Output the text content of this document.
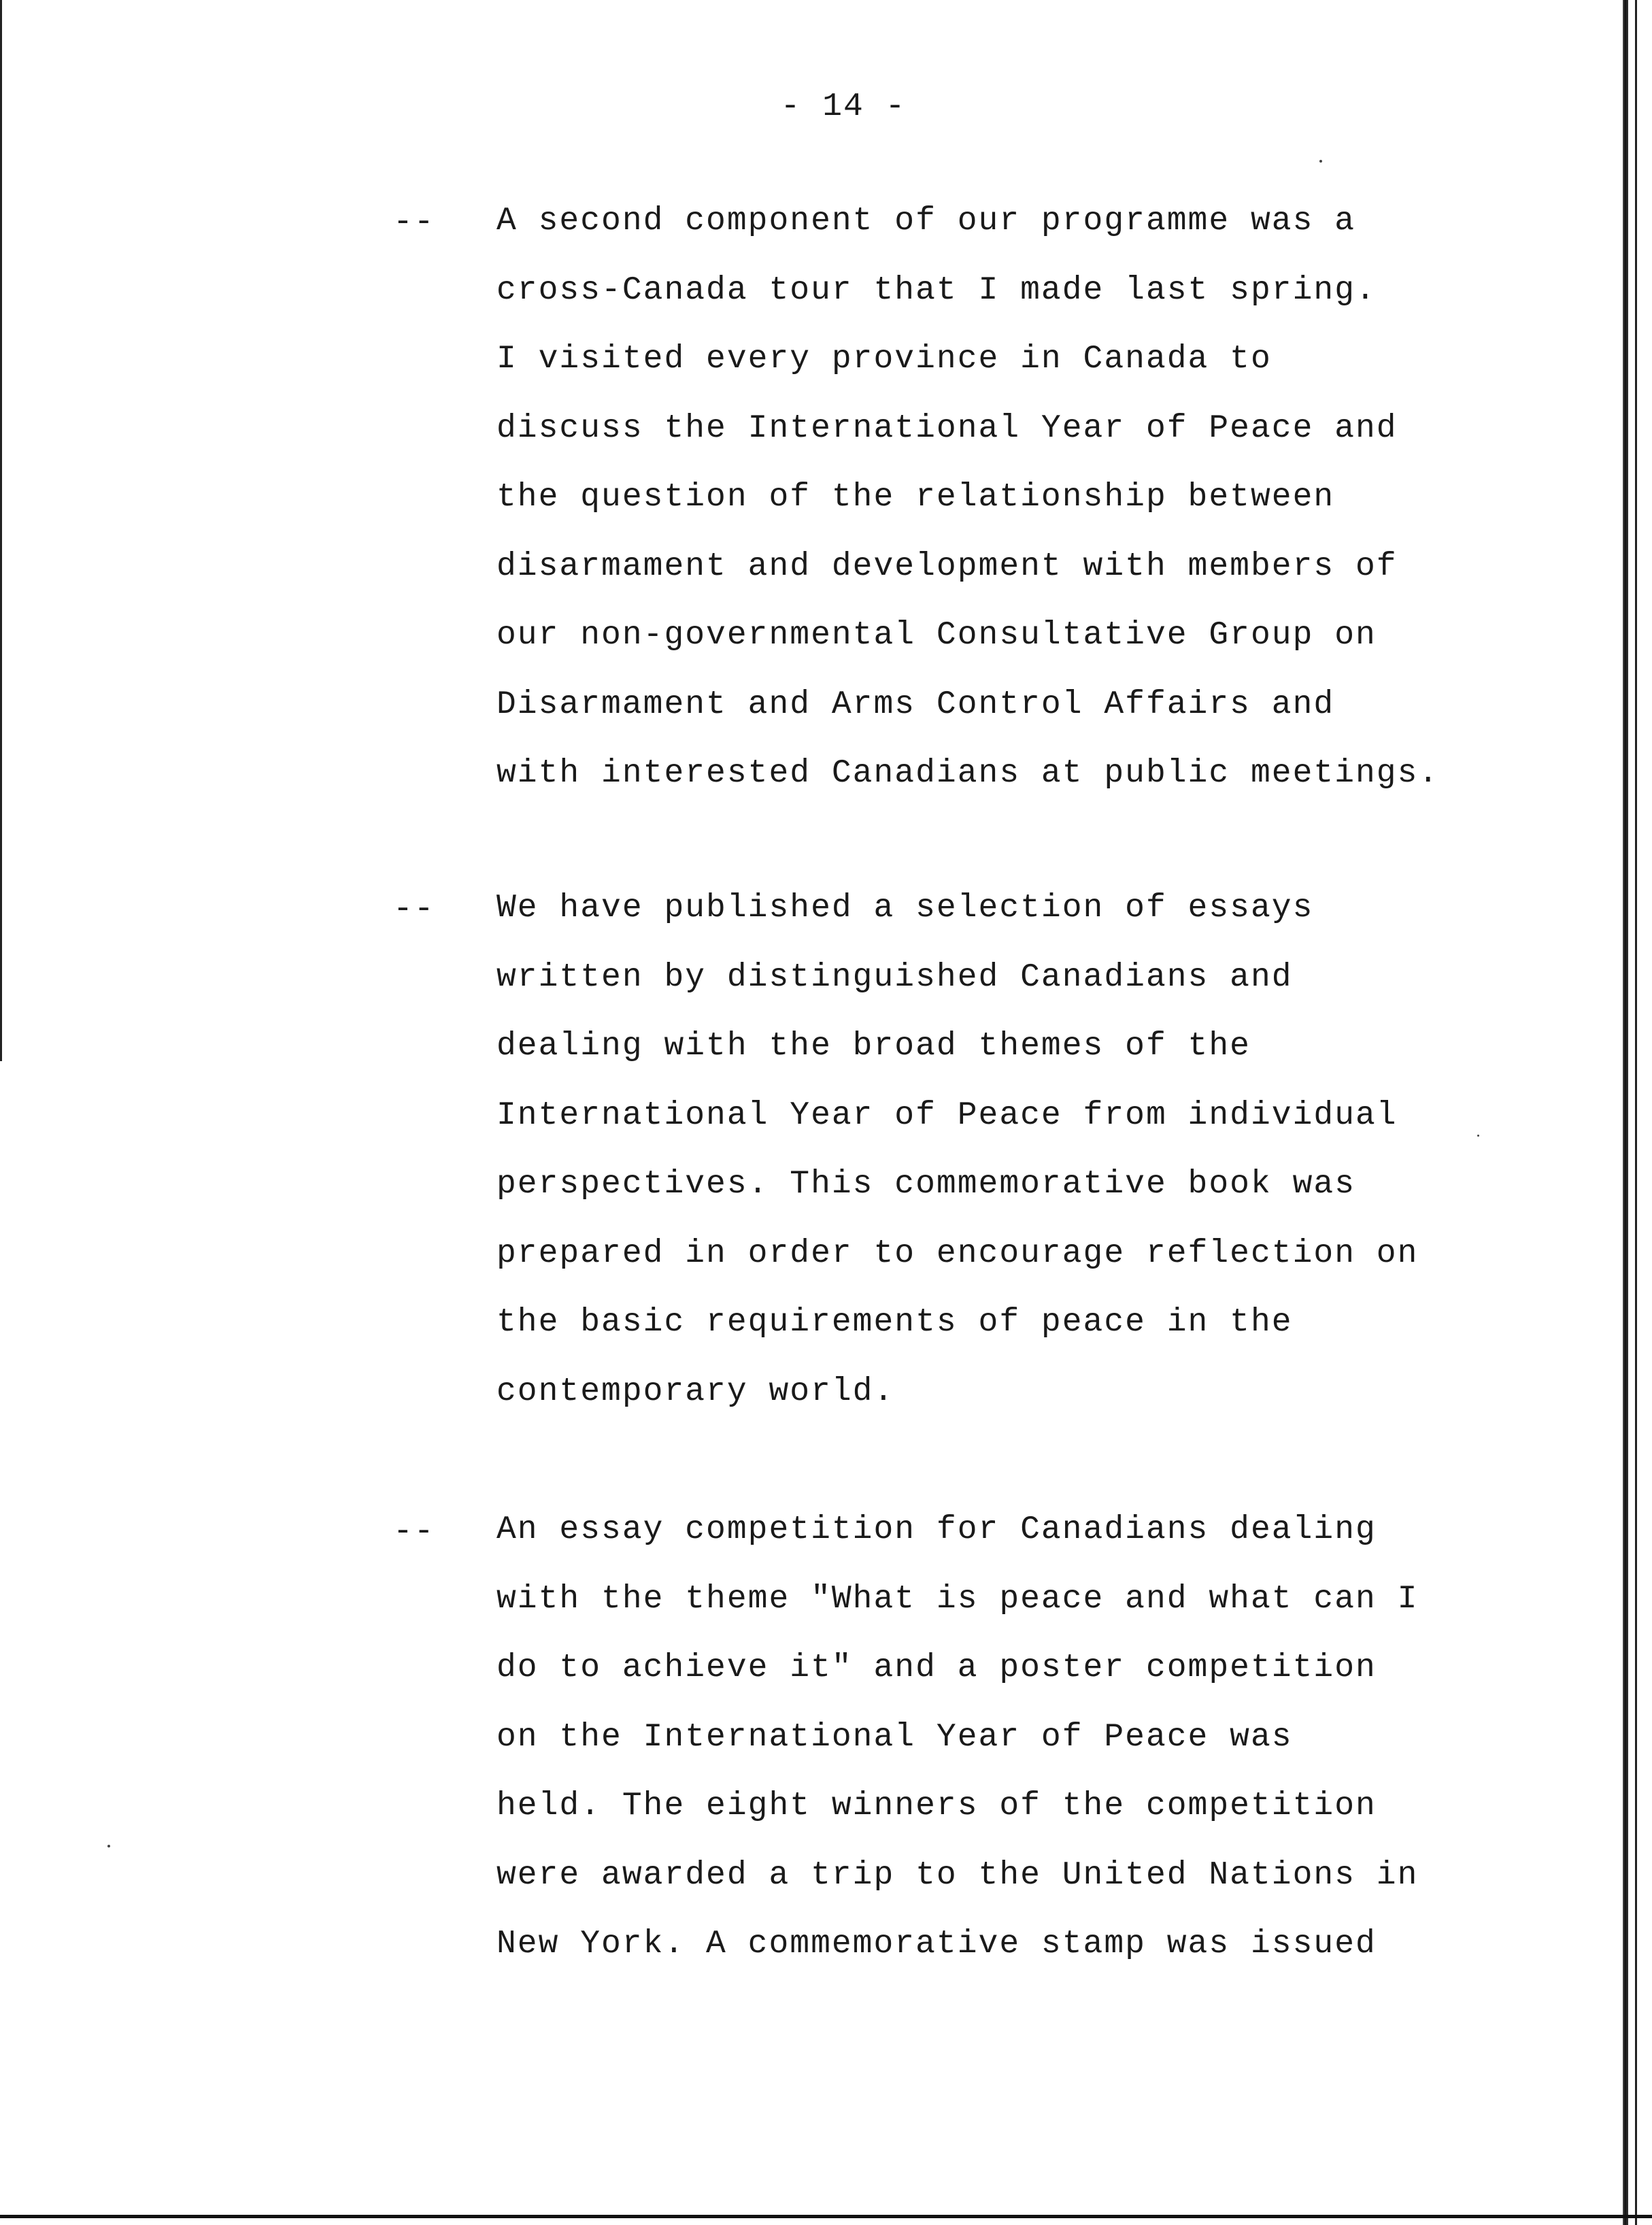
- 14 -
-- A second component of our programme was a
cross-Canada tour that I made last spring.
I visited every province in Canada to
discuss the International Year of Peace and
the question of the relationship between
disarmament and development with members of
our non-governmental Consultative Group on
Disarmament and Arms Control Affairs and
with interested Canadians at public meetings.

-- We have published a selection of essays
written by distinguished Canadians and
dealing with the broad themes of the
International Year of Peace from individual
perspectives. This commemorative book was
prepared in order to encourage reflection on
the basic requirements of peace in the
contemporary world.

-- An essay competition for Canadians dealing
with the theme "What is peace and what can I
do to achieve it" and a poster competition
on the International Year of Peace was
held. The eight winners of the competition
were awarded a trip to the United Nations in
New York. A commemorative stamp was issued
